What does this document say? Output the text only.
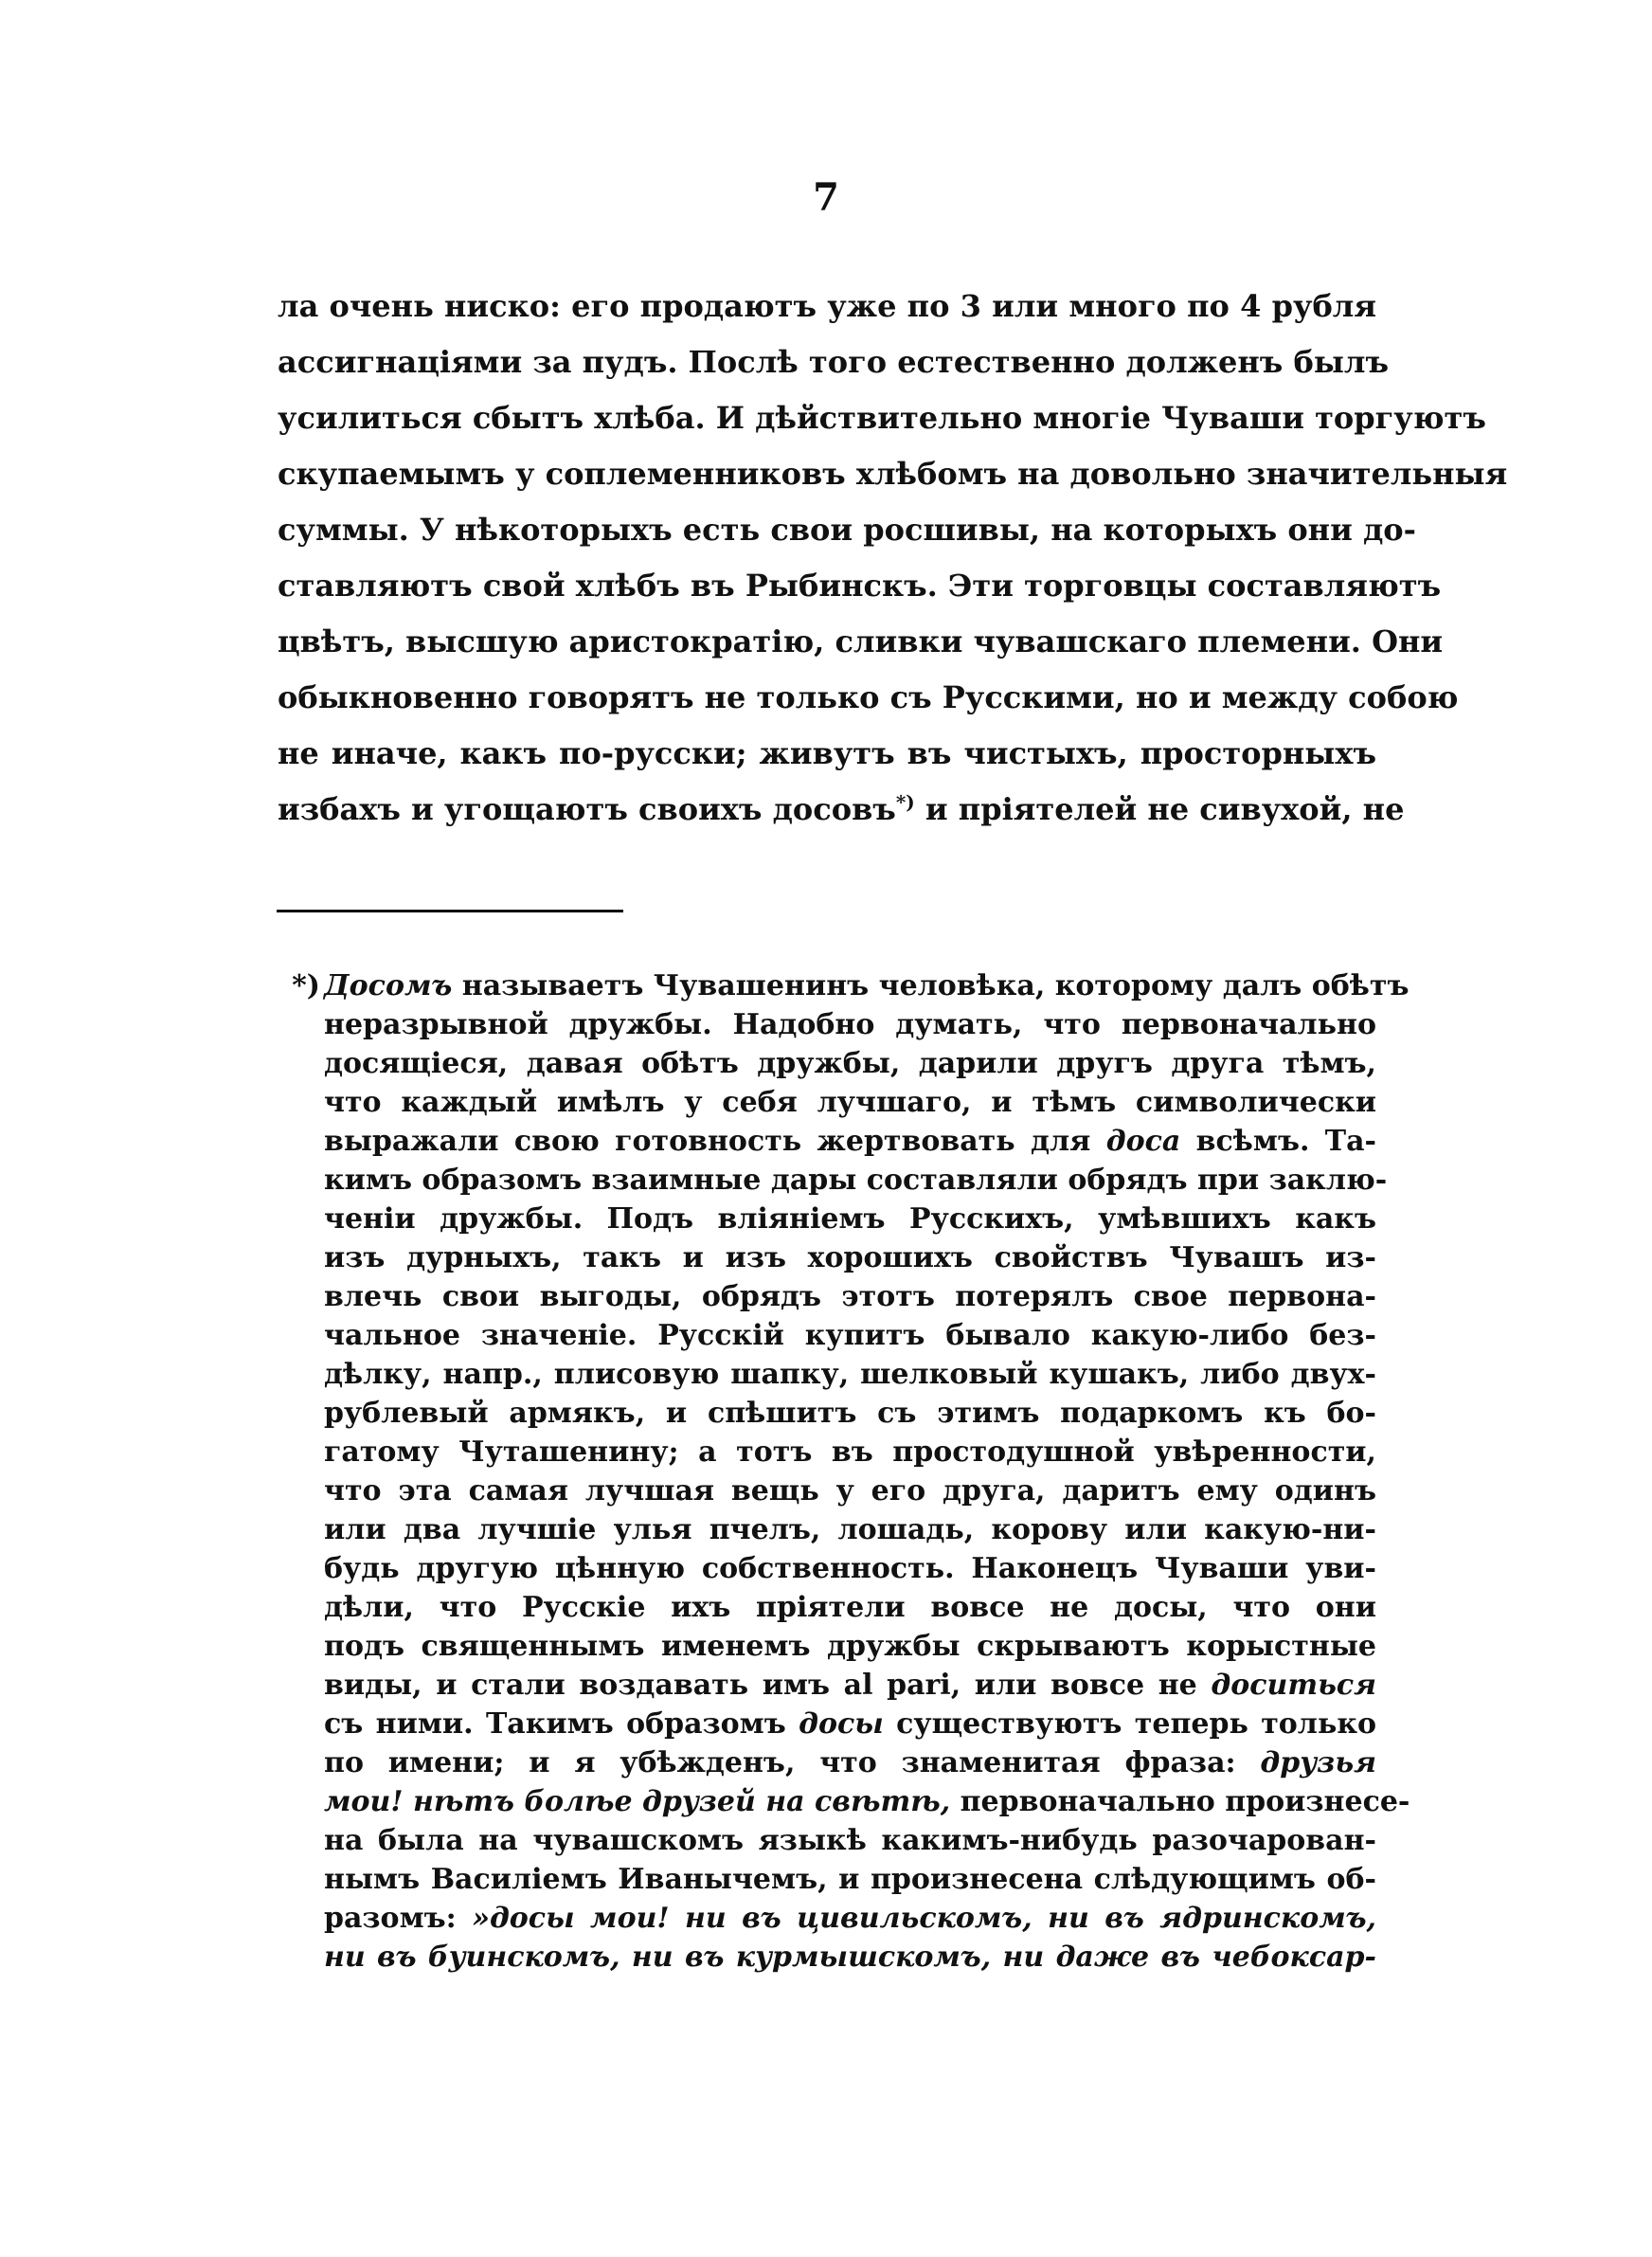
7
ла очень ниско: его продаютъ уже по 3 или много по 4 рубля
ассигнаціями за пудъ. Послѣ того естественно долженъ былъ
усилиться сбытъ хлѣба. И дѣйствительно многіе Чуваши торгуютъ
скупаемымъ у соплеменниковъ хлѣбомъ на довольно значительныя
суммы. У нѣкоторыхъ есть свои росшивы, на которыхъ они до-
ставляютъ свой хлѣбъ въ Рыбинскъ. Эти торговцы составляютъ
цвѣтъ, высшую аристократію, сливки чувашскаго племени. Они
обыкновенно говорятъ не только съ Русскими, но и между собою
не иначе, какъ по-русски; живутъ въ чистыхъ, просторныхъ
избахъ и угощаютъ своихъ досовъ*) и пріятелей не сивухой, не
*) Досомъ называетъ Чувашенинъ человѣка, которому далъ обѣтъ
неразрывной дружбы. Надобно думать, что первоначально
досящіеся, давая обѣтъ дружбы, дарили другъ друга тѣмъ,
что каждый имѣлъ у себя лучшаго, и тѣмъ символически
выражали свою готовность жертвовать для доса всѣмъ. Та-
кимъ образомъ взаимные дары составляли обрядъ при заклю-
ченіи дружбы. Подъ вліяніемъ Русскихъ, умѣвшихъ какъ
изъ дурныхъ, такъ и изъ хорошихъ свойствъ Чувашъ из-
влечь свои выгоды, обрядъ этотъ потерялъ свое первона-
чальное значеніе. Русскій купитъ бывало какую-либо без-
дѣлку, напр., плисовую шапку, шелковый кушакъ, либо двух-
рублевый армякъ, и спѣшитъ съ этимъ подаркомъ къ бо-
гатому Чуташенину; а тотъ въ простодушной увѣренности,
что эта самая лучшая вещь у его друга, даритъ ему одинъ
или два лучшіе улья пчелъ, лошадь, корову или какую-ни-
будь другую цѣнную собственность. Наконецъ Чуваши уви-
дѣли, что Русскіе ихъ пріятели вовсе не досы, что они
подъ священнымъ именемъ дружбы скрываютъ корыстные
виды, и стали воздавать имъ al pari, или вовсе не доситься
съ ними. Такимъ образомъ досы существуютъ теперь только
по имени; и я убѣжденъ, что знаменитая фраза: друзья
мои! нѣтъ болѣе друзей на свѣтѣ, первоначально произнесе-
на была на чувашскомъ языкѣ какимъ-нибудь разочарован-
нымъ Василіемъ Иванычемъ, и произнесена слѣдующимъ об-
разомъ: »досы мои! ни въ цивильскомъ, ни въ ядринскомъ,
ни въ буинскомъ, ни въ курмышскомъ, ни даже въ чебоксар-
